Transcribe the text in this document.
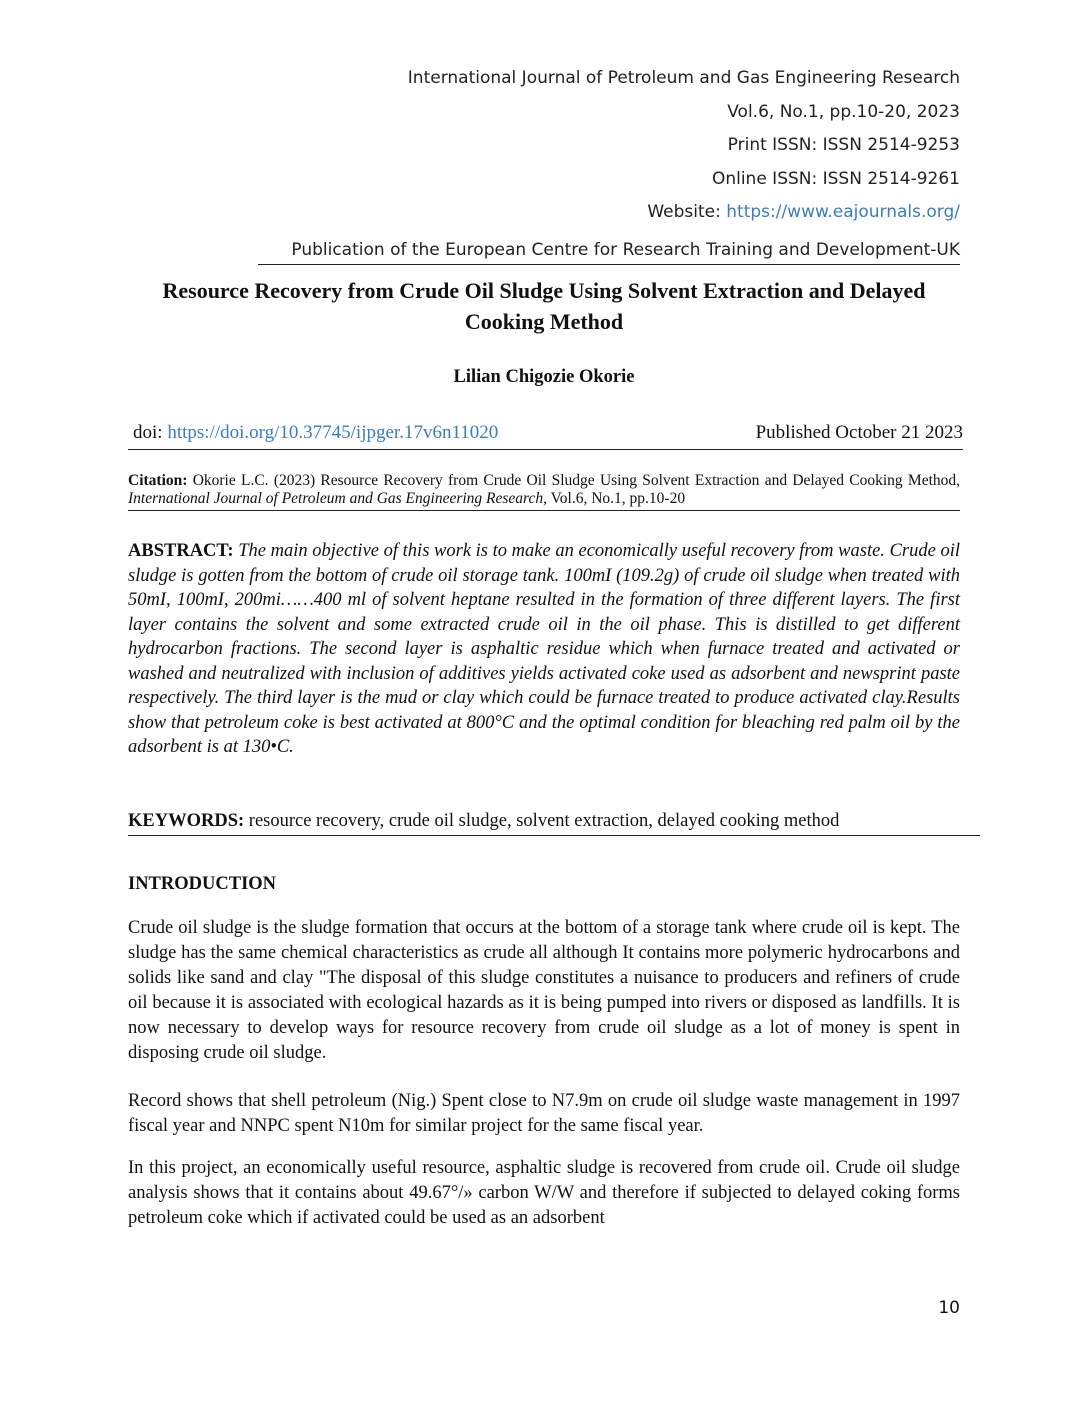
International Journal of Petroleum and Gas Engineering Research
Vol.6, No.1, pp.10-20, 2023
Print ISSN: ISSN 2514-9253
Online ISSN: ISSN 2514-9261
Website: https://www.eajournals.org/
Publication of the European Centre for Research Training and Development-UK
Resource Recovery from Crude Oil Sludge Using Solvent Extraction and Delayed Cooking Method
Lilian Chigozie Okorie
doi: https://doi.org/10.37745/ijpger.17v6n11020	Published October 21 2023
Citation: Okorie L.C. (2023) Resource Recovery from Crude Oil Sludge Using Solvent Extraction and Delayed Cooking Method, International Journal of Petroleum and Gas Engineering Research, Vol.6, No.1, pp.10-20
ABSTRACT: The main objective of this work is to make an economically useful recovery from waste. Crude oil sludge is gotten from the bottom of crude oil storage tank. 100mI (109.2g) of crude oil sludge when treated with 50mI, 100mI, 200mi……400 ml of solvent heptane resulted in the formation of three different layers. The first layer contains the solvent and some extracted crude oil in the oil phase. This is distilled to get different hydrocarbon fractions. The second layer is asphaltic residue which when furnace treated and activated or washed and neutralized with inclusion of additives yields activated coke used as adsorbent and newsprint paste respectively. The third layer is the mud or clay which could be furnace treated to produce activated clay.Results show that petroleum coke is best activated at 800°C and the optimal condition for bleaching red palm oil by the adsorbent is at 130•C.
KEYWORDS: resource recovery, crude oil sludge, solvent extraction, delayed cooking method
INTRODUCTION
Crude oil sludge is the sludge formation that occurs at the bottom of a storage tank where crude oil is kept. The sludge has the same chemical characteristics as crude all although It contains more polymeric hydrocarbons and solids like sand and clay "The disposal of this sludge constitutes a nuisance to producers and refiners of crude oil because it is associated with ecological hazards as it is being pumped into rivers or disposed as landfills. It is now necessary to develop ways for resource recovery from crude oil sludge as a lot of money is spent in disposing crude oil sludge.
Record shows that shell petroleum (Nig.) Spent close to N7.9m on crude oil sludge waste management in 1997 fiscal year and NNPC spent N10m for similar project for the same fiscal year.
In this project, an economically useful resource, asphaltic sludge is recovered from crude oil. Crude oil sludge analysis shows that it contains about 49.67°/» carbon W/W and therefore if subjected to delayed coking forms petroleum coke which if activated could be used as an adsorbent
10
